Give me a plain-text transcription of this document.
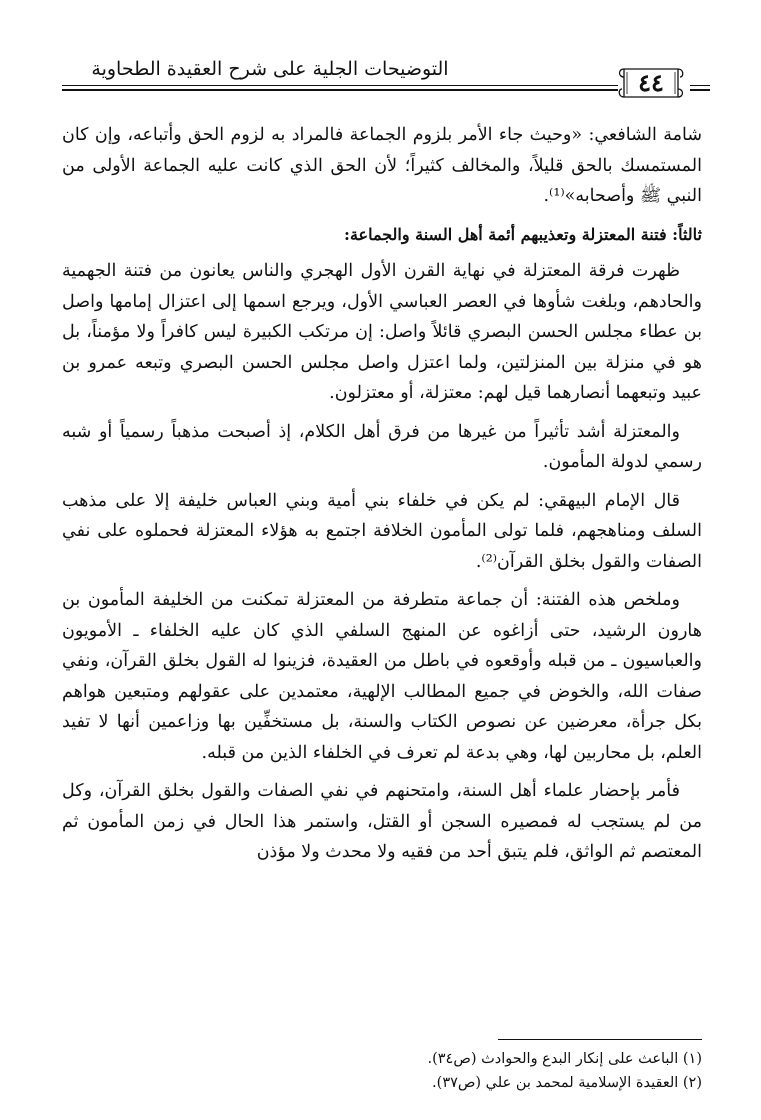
التوضيحات الجلية على شرح العقيدة الطحاوية	٤٤

شامة الشافعي: «وحيث جاء الأمر بلزوم الجماعة فالمراد به لزوم الحق وأتباعه، وإن كان المستمسك بالحق قليلاً، والمخالف كثيراً؛ لأن الحق الذي كانت عليه الجماعة الأولى من النبي ﷺ وأصحابه»⁽¹⁾.

ثالثاً: فتنة المعتزلة وتعذيبهم أئمة أهل السنة والجماعة:

ظهرت فرقة المعتزلة في نهاية القرن الأول الهجري والناس يعانون من فتنة الجهمية والحادهم، وبلغت شأوها في العصر العباسي الأول، ويرجع اسمها إلى اعتزال إمامها واصل بن عطاء مجلس الحسن البصري قائلاً واصل: إن مرتكب الكبيرة ليس كافراً ولا مؤمناً، بل هو في منزلة بين المنزلتين، ولما اعتزل واصل مجلس الحسن البصري وتبعه عمرو بن عبيد وتبعهما أنصارهما قيل لهم: معتزلة، أو معتزلون.

والمعتزلة أشد تأثيراً من غيرها من فرق أهل الكلام، إذ أصبحت مذهباً رسمياً أو شبه رسمي لدولة المأمون.

قال الإمام البيهقي: لم يكن في خلفاء بني أمية وبني العباس خليفة إلا على مذهب السلف ومناهجهم، فلما تولى المأمون الخلافة اجتمع به هؤلاء المعتزلة فحملوه على نفي الصفات والقول بخلق القرآن⁽²⁾.

وملخص هذه الفتنة: أن جماعة متطرفة من المعتزلة تمكنت من الخليفة المأمون بن هارون الرشيد، حتى أزاغوه عن المنهج السلفي الذي كان عليه الخلفاء ـ الأمويون والعباسيون ـ من قبله وأوقعوه في باطل من العقيدة، فزينوا له القول بخلق القرآن، ونفي صفات الله، والخوض في جميع المطالب الإلهية، معتمدين على عقولهم ومتبعين هواهم بكل جرأة، معرضين عن نصوص الكتاب والسنة، بل مستخفِّين بها وزاعمين أنها لا تفيد العلم، بل محاربين لها، وهي بدعة لم تعرف في الخلفاء الذين من قبله.

فأمر بإحضار علماء أهل السنة، وامتحنهم في نفي الصفات والقول بخلق القرآن، وكل من لم يستجب له فمصيره السجن أو القتل، واستمر هذا الحال في زمن المأمون ثم المعتصم ثم الواثق، فلم يتبق أحد من فقيه ولا محدث ولا مؤذن

(١) الباعث على إنكار البدع والحوادث (ص٣٤).

(٢) العقيدة الإسلامية لمحمد بن علي (ص٣٧).
